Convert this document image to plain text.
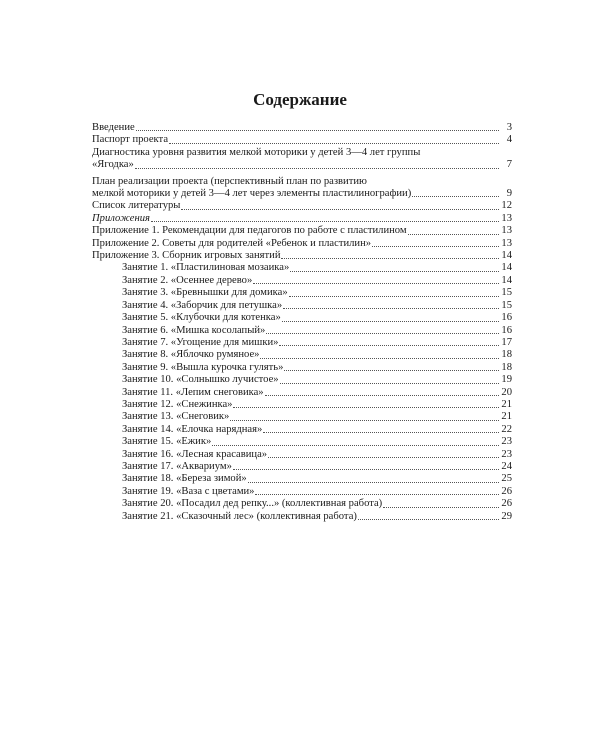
Содержание
Введение	3
Паспорт проекта	4
Диагностика уровня развития мелкой моторики у детей 3—4 лет группы
«Ягодка»	7
План реализации проекта (перспективный план по развитию
мелкой моторики у детей 3—4 лет через элементы пластилинографии)	9
Список литературы	12
Приложения	13
Приложение 1. Рекомендации для педагогов по работе с пластилином	13
Приложение 2. Советы для родителей «Ребенок и пластилин»	13
Приложение 3. Сборник игровых занятий	14
Занятие 1. «Пластилиновая мозаика»	14
Занятие 2. «Осеннее дерево»	14
Занятие 3. «Бревнышки для домика»	15
Занятие 4. «Заборчик для петушка»	15
Занятие 5. «Клубочки для котенка»	16
Занятие 6. «Мишка косолапый»	16
Занятие 7. «Угощение для мишки»	17
Занятие 8. «Яблочко румяное»	18
Занятие 9. «Вышла курочка гулять»	18
Занятие 10. «Солнышко лучистое»	19
Занятие 11. «Лепим снеговика»	20
Занятие 12. «Снежинка»	21
Занятие 13. «Снеговик»	21
Занятие 14. «Елочка нарядная»	22
Занятие 15. «Ежик»	23
Занятие 16. «Лесная красавица»	23
Занятие 17. «Аквариум»	24
Занятие 18. «Береза зимой»	25
Занятие 19. «Ваза с цветами»	26
Занятие 20. «Посадил дед репку...» (коллективная работа)	26
Занятие 21. «Сказочный лес» (коллективная работа)	29
